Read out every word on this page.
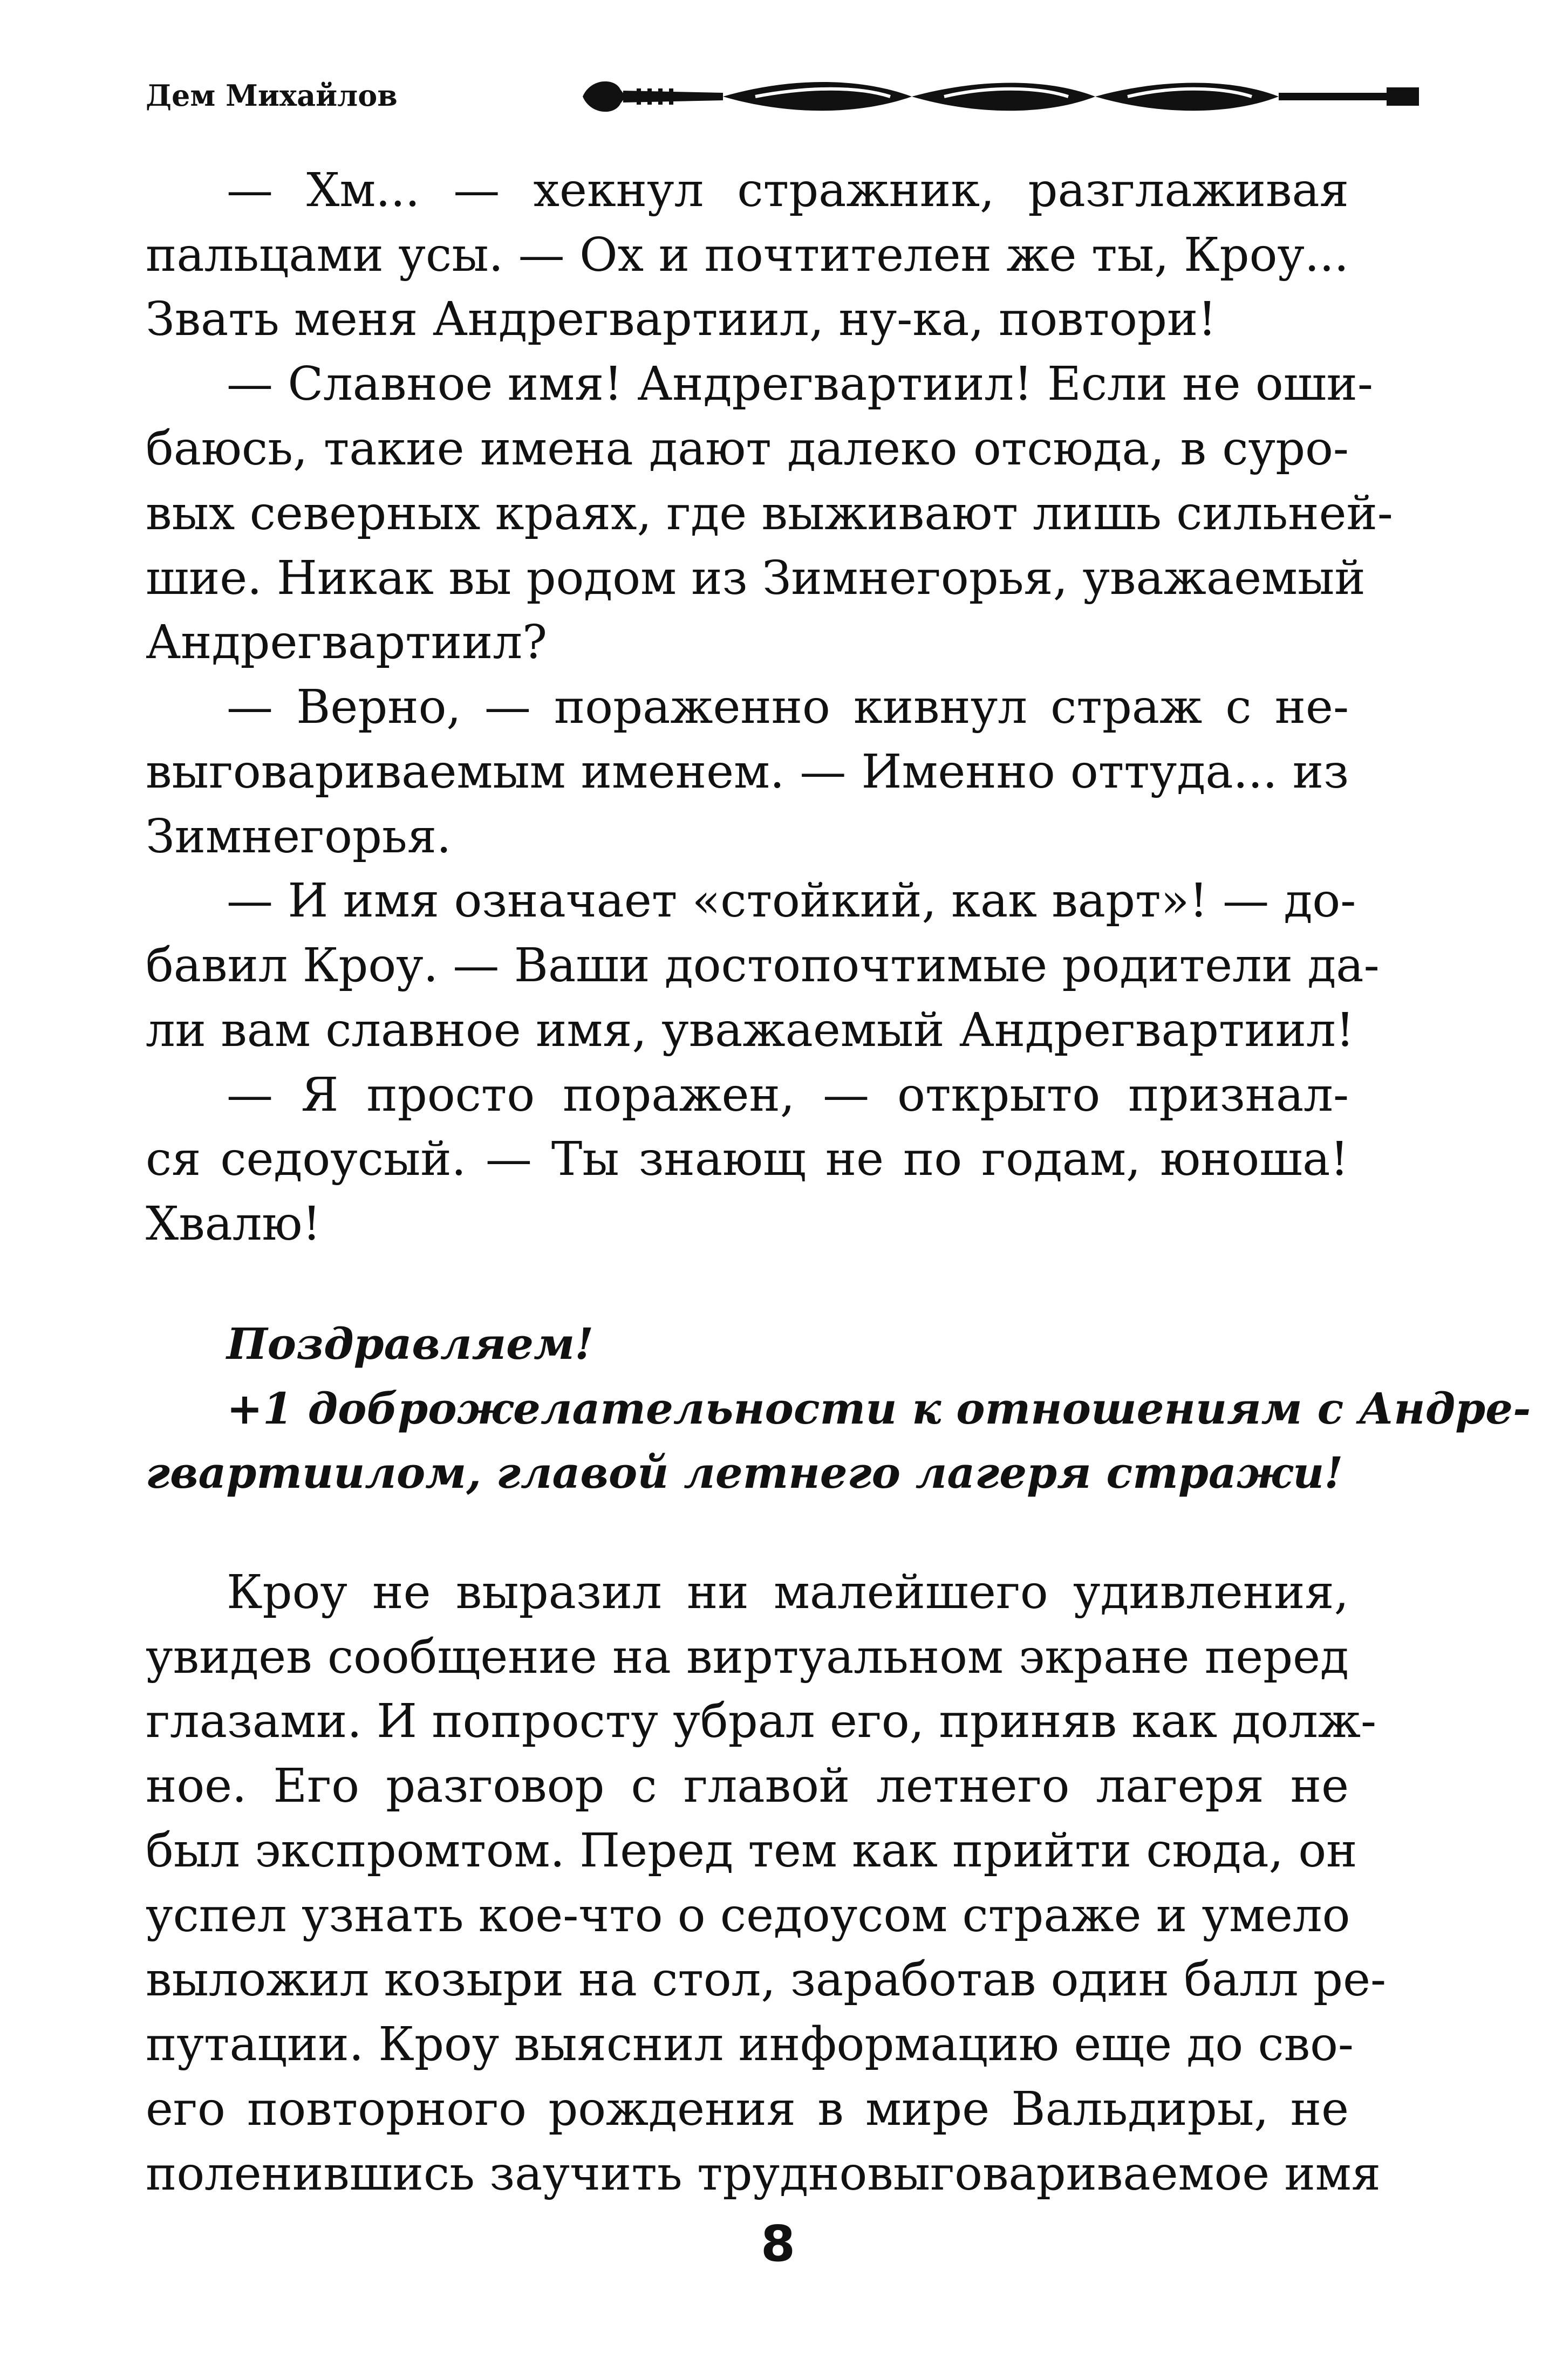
Дем Михайлов
— Хм... — хекнул стражник, разглаживая
пальцами усы. — Ох и почтителен же ты, Кроу...
Звать меня Андрегвартиил, ну-ка, повтори!
— Славное имя! Андрегвартиил! Если не оши-
баюсь, такие имена дают далеко отсюда, в суро-
вых северных краях, где выживают лишь сильней-
шие. Никак вы родом из Зимнегорья, уважаемый
Андрегвартиил?
— Верно, — пораженно кивнул страж с не-
выговариваемым именем. — Именно оттуда... из
Зимнегорья.
— И имя означает «стойкий, как варт»! — до-
бавил Кроу. — Ваши достопочтимые родители да-
ли вам славное имя, уважаемый Андрегвартиил!
— Я просто поражен, — открыто признал-
ся седоусый. — Ты знающ не по годам, юноша!
Хвалю!
Поздравляем!
+1 доброжелательности к отношениям с Андре-
гвартиилом, главой летнего лагеря стражи!
Кроу не выразил ни малейшего удивления,
увидев сообщение на виртуальном экране перед
глазами. И попросту убрал его, приняв как долж-
ное. Его разговор с главой летнего лагеря не
был экспромтом. Перед тем как прийти сюда, он
успел узнать кое-что о седоусом страже и умело
выложил козыри на стол, заработав один балл ре-
путации. Кроу выяснил информацию еще до сво-
его повторного рождения в мире Вальдиры, не
поленившись заучить трудновыговариваемое имя
8
